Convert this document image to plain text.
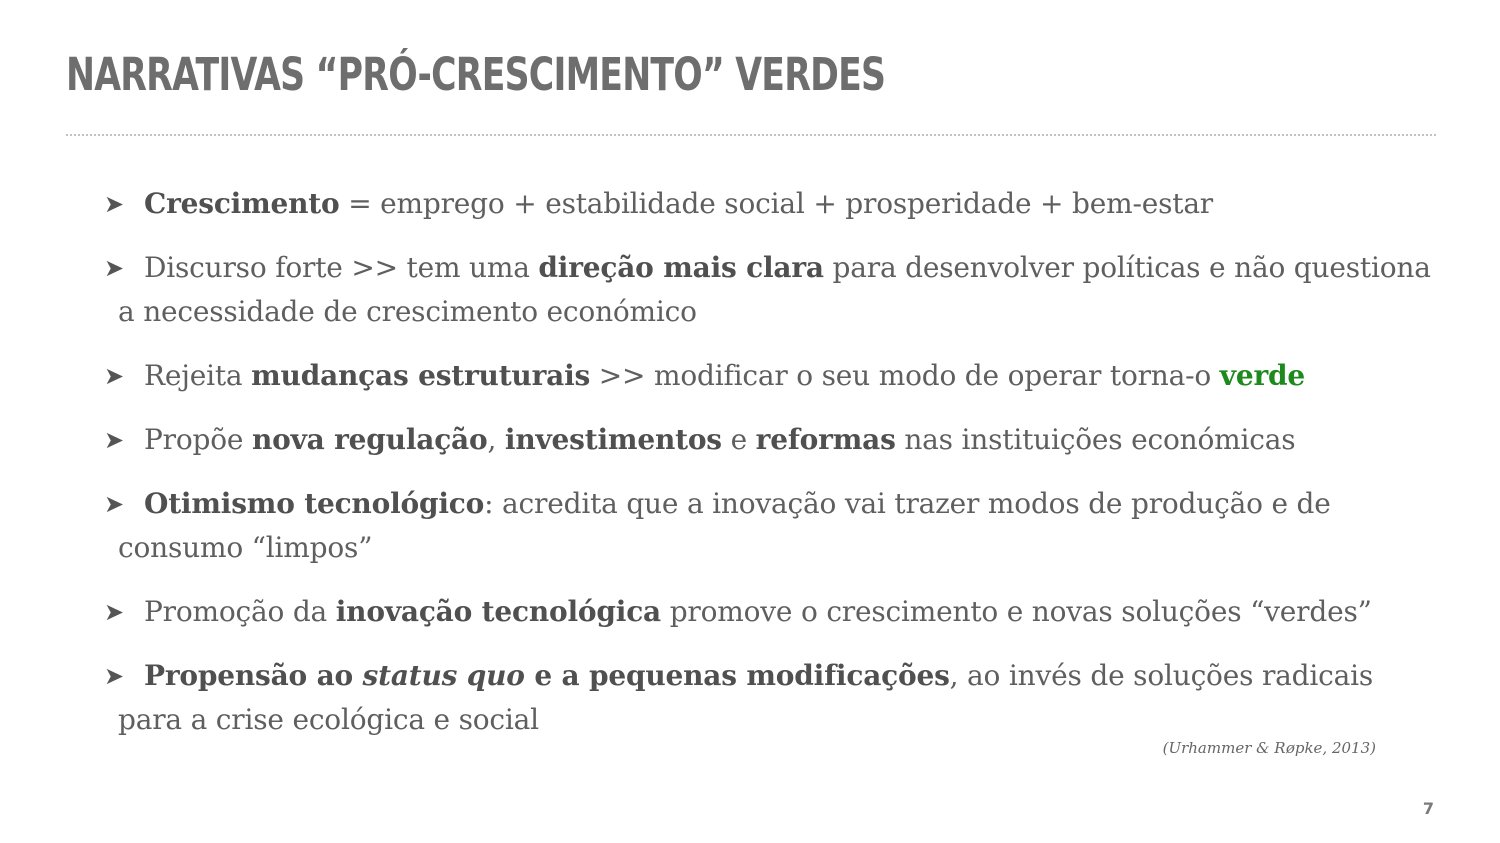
NARRATIVAS “PRÓ-CRESCIMENTO” VERDES
➤ Crescimento = emprego + estabilidade social + prosperidade + bem-estar
➤ Discurso forte >> tem uma direção mais clara para desenvolver políticas e não questiona a necessidade de crescimento económico
➤ Rejeita mudanças estruturais >> modificar o seu modo de operar torna-o verde
➤ Propõe nova regulação, investimentos e reformas nas instituições económicas
➤ Otimismo tecnológico: acredita que a inovação vai trazer modos de produção e de consumo “limpos”
➤ Promoção da inovação tecnológica promove o crescimento e novas soluções “verdes”
➤ Propensão ao status quo e a pequenas modificações, ao invés de soluções radicais para a crise ecológica e social
(Urhammer & Røpke, 2013)
7
